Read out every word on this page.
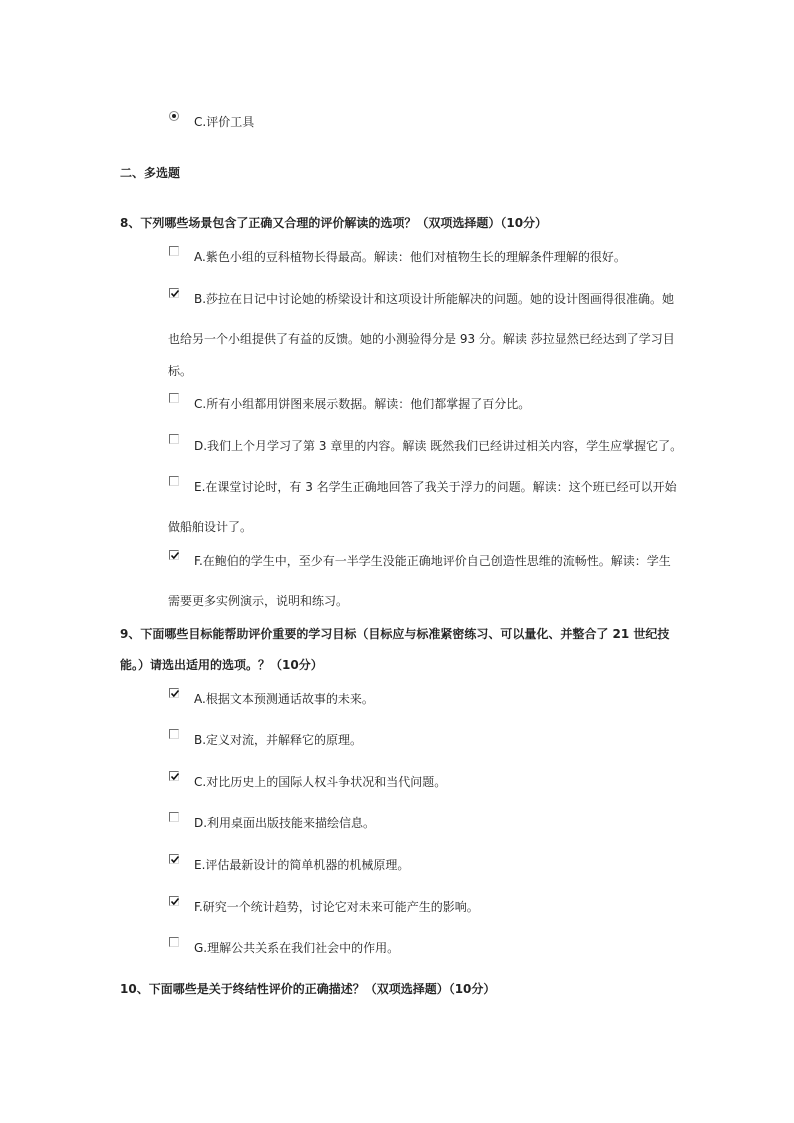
C.评价工具
二、多选题
8、下列哪些场景包含了正确又合理的评价解读的选项？（双项选择题）（10分）
A.紫色小组的豆科植物长得最高。解读：他们对植物生长的理解条件理解的很好。
B.莎拉在日记中讨论她的桥梁设计和这项设计所能解决的问题。她的设计图画得很准确。她
也给另一个小组提供了有益的反馈。她的小测验得分是 93 分。解读 莎拉显然已经达到了学习目
标。
C.所有小组都用饼图来展示数据。解读：他们都掌握了百分比。
D.我们上个月学习了第 3 章里的内容。解读 既然我们已经讲过相关内容，学生应掌握它了。
E.在课堂讨论时，有 3 名学生正确地回答了我关于浮力的问题。解读：这个班已经可以开始
做船舶设计了。
F.在鲍伯的学生中，至少有一半学生没能正确地评价自己创造性思维的流畅性。解读：学生
需要更多实例演示，说明和练习。
9、下面哪些目标能帮助评价重要的学习目标（目标应与标准紧密练习、可以量化、并整合了 21 世纪技
能。）请选出适用的选项。？（10分）
A.根据文本预测通话故事的未来。
B.定义对流，并解释它的原理。
C.对比历史上的国际人权斗争状况和当代问题。
D.利用桌面出版技能来描绘信息。
E.评估最新设计的简单机器的机械原理。
F.研究一个统计趋势，讨论它对未来可能产生的影响。
G.理解公共关系在我们社会中的作用。
10、下面哪些是关于终结性评价的正确描述？（双项选择题）（10分）
